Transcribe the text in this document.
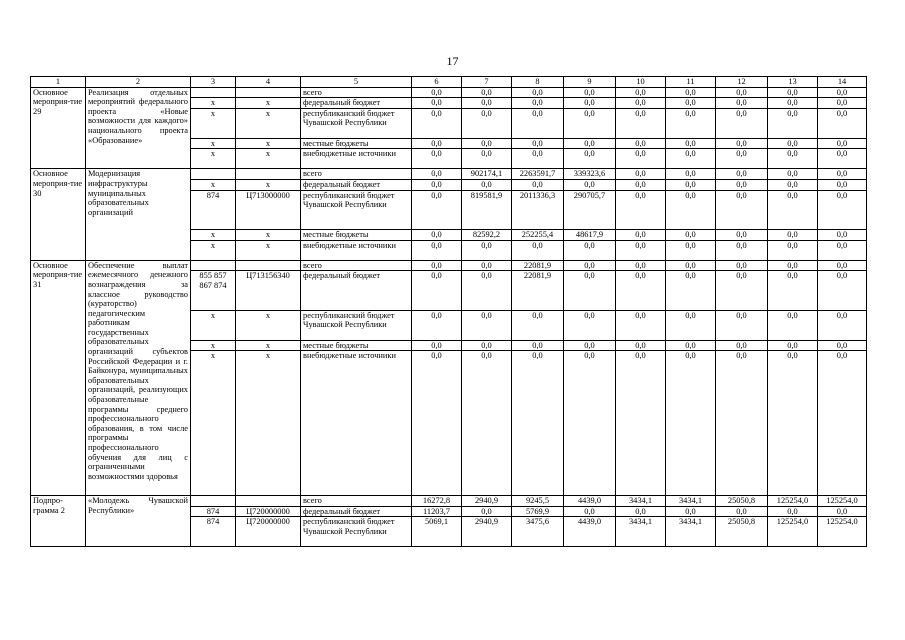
17
1	2	3	4	5	6	7	8	9	10	11	12	13	14
Основное мероприя-тие 29	Реализация отдельных мероприятий федерального проекта «Новые возможности для каждого» национального проекта «Образование»			всего	0,0	0,0	0,0	0,0	0,0	0,0	0,0	0,0	0,0
		х	х	федеральный бюджет	0,0	0,0	0,0	0,0	0,0	0,0	0,0	0,0	0,0
		х	х	республиканский бюджет Чувашской Республики	0,0	0,0	0,0	0,0	0,0	0,0	0,0	0,0	0,0
		х	х	местные бюджеты	0,0	0,0	0,0	0,0	0,0	0,0	0,0	0,0	0,0
		х	х	внебюджетные источники	0,0	0,0	0,0	0,0	0,0	0,0	0,0	0,0	0,0
Основное мероприя-тие 30	Модернизация инфраструктуры муниципальных образовательных организаций			всего	0,0	902174,1	2263591,7	339323,6	0,0	0,0	0,0	0,0	0,0
		х	х	федеральный бюджет	0,0	0,0	0,0	0,0	0,0	0,0	0,0	0,0	0,0
		874	Ц713000000	республиканский бюджет Чувашской Республики	0,0	819581,9	2011336,3	290705,7	0,0	0,0	0,0	0,0	0,0
		х	х	местные бюджеты	0,0	82592,2	252255,4	48617,9	0,0	0,0	0,0	0,0	0,0
		х	х	внебюджетные источники	0,0	0,0	0,0	0,0	0,0	0,0	0,0	0,0	0,0
Основное мероприя-тие 31	Обеспечение выплат ежемесячного денежного вознаграждения за классное руководство (кураторство) педагогическим работникам государственных образовательных организаций субъектов Российской Федерации и г. Байконура, муниципальных образовательных организаций, реализующих образовательные программы среднего профессионального образования, в том числе программы профессионального обучения для лиц с ограниченными возможностями здоровья			всего	0,0	0,0	22081,9	0,0	0,0	0,0	0,0	0,0	0,0
		855 857 867 874	Ц713156340	федеральный бюджет	0,0	0,0	22081,9	0,0	0,0	0,0	0,0	0,0	0,0
		х	х	республиканский бюджет Чувашской Республики	0,0	0,0	0,0	0,0	0,0	0,0	0,0	0,0	0,0
		х	х	местные бюджеты	0,0	0,0	0,0	0,0	0,0	0,0	0,0	0,0	0,0
		х	х	внебюджетные источники	0,0	0,0	0,0	0,0	0,0	0,0	0,0	0,0	0,0
Подпро-грамма 2	«Молодежь Чувашской Республики»			всего	16272,8	2940,9	9245,5	4439,0	3434,1	3434,1	25050,8	125254,0	125254,0
		874	Ц720000000	федеральный бюджет	11203,7	0,0	5769,9	0,0	0,0	0,0	0,0	0,0	0,0
		874	Ц720000000	республиканский бюджет Чувашской Республики	5069,1	2940,9	3475,6	4439,0	3434,1	3434,1	25050,8	125254,0	125254,0
